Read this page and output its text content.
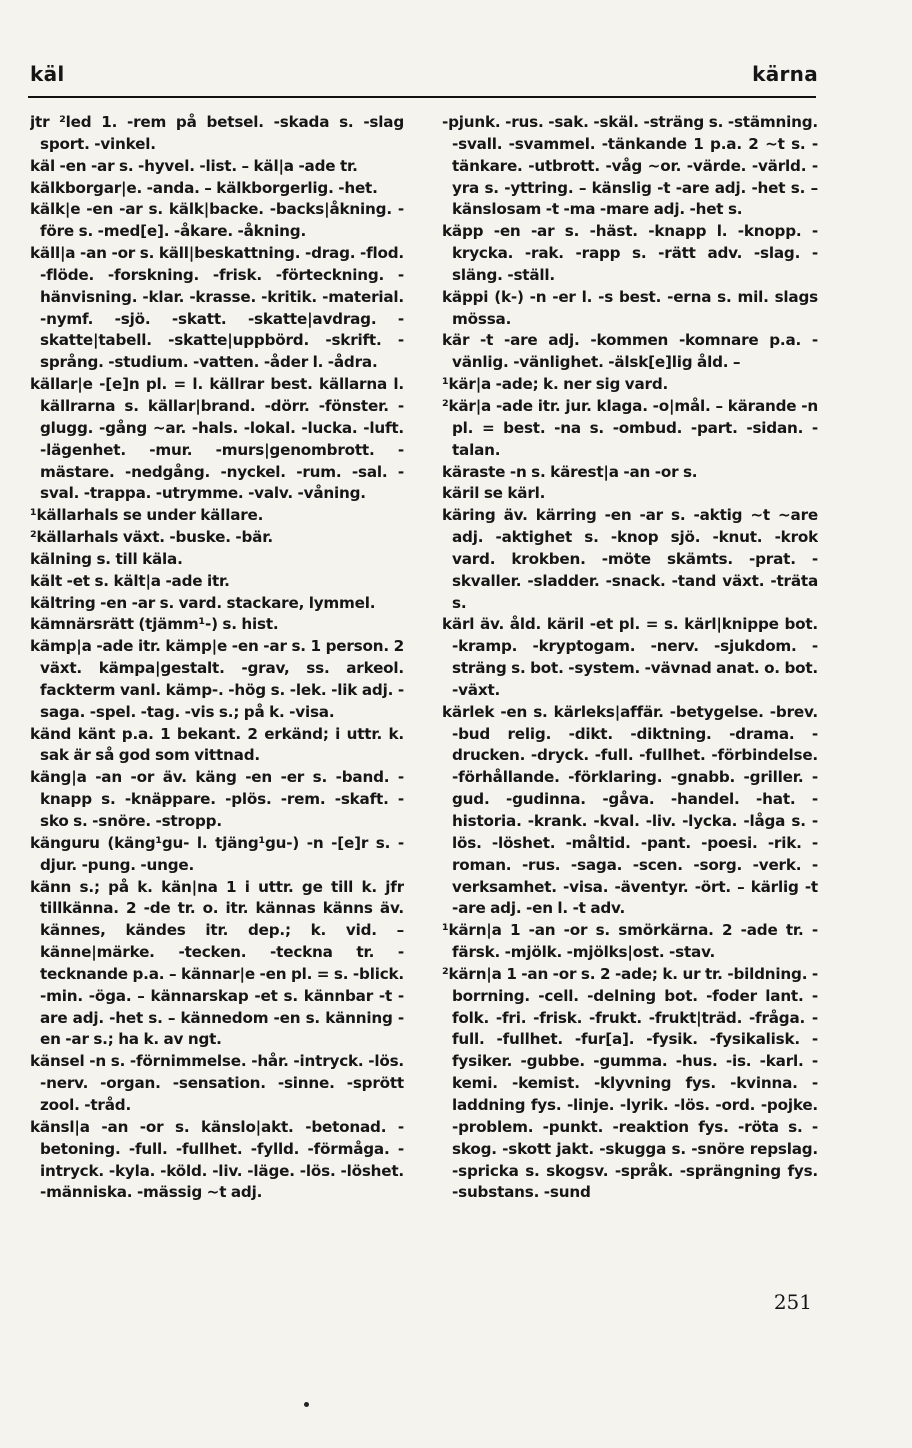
käl	kärna

jtr ²led 1. -rem på betsel. -skada s. -slag sport. -vinkel.

käl -en -ar s. -hyvel. -list. – käl|a -ade tr.

kälkborgar|e. -anda. – kälkborgerlig. -het.

kälk|e -en -ar s. kälk|backe. -backs|åkning. -före s. -med[e]. -åkare. -åkning.

käll|a -an -or s. käll|beskattning. -drag. -flod. -flöde. -forskning. -frisk. -förteckning. -hänvisning. -klar. -krasse. -kritik. -material. -nymf. -sjö. -skatt. -skatte|avdrag. -skatte|tabell. -skatte|uppbörd. -skrift. -språng. -studium. -vatten. -åder l. -ådra.

källar|e -[e]n pl. = l. källrar best. källarna l. källrarna s. källar|brand. -dörr. -fönster. -glugg. -gång ~ar. -hals. -lokal. -lucka. -luft. -lägenhet. -mur. -murs|genombrott. -mästare. -nedgång. -nyckel. -rum. -sal. -sval. -trappa. -utrymme. -valv. -våning.

¹källarhals se under källare.

²källarhals växt. -buske. -bär.

kälning s. till käla.

kält -et s. kält|a -ade itr.

kältring -en -ar s. vard. stackare, lymmel.

kämnärsrätt (tjämm¹-) s. hist.

kämp|a -ade itr. kämp|e -en -ar s. 1 person. 2 växt. kämpa|gestalt. -grav, ss. arkeol. fackterm vanl. kämp-. -hög s. -lek. -lik adj. -saga. -spel. -tag. -vis s.; på k. -visa.

känd känt p.a. 1 bekant. 2 erkänd; i uttr. k. sak är så god som vittnad.

käng|a -an -or äv. käng -en -er s. -band. -knapp s. -knäppare. -plös. -rem. -skaft. -sko s. -snöre. -stropp.

känguru (käng¹gu- l. tjäng¹gu-) -n -[e]r s. -djur. -pung. -unge.

känn s.; på k. kän|na 1 i uttr. ge till k. jfr tillkänna. 2 -de tr. o. itr. kännas känns äv. kännes, kändes itr. dep.; k. vid. – känne|märke. -tecken. -teckna tr. -tecknande p.a. – kännar|e -en pl. = s. -blick. -min. -öga. – kännarskap -et s. kännbar -t -are adj. -het s. – kännedom -en s. känning -en -ar s.; ha k. av ngt.

känsel -n s. -förnimmelse. -hår. -intryck. -lös. -nerv. -organ. -sensation. -sinne. -sprött zool. -tråd.

känsl|a -an -or s. känslo|akt. -betonad. -betoning. -full. -fullhet. -fylld. -förmåga. -intryck. -kyla. -köld. -liv. -läge. -lös. -löshet. -människa. -mässig ~t adj.

-pjunk. -rus. -sak. -skäl. -sträng s. -stämning. -svall. -svammel. -tänkande 1 p.a. 2 ~t s. -tänkare. -utbrott. -våg ~or. -värde. -värld. -yra s. -yttring. – känslig -t -are adj. -het s. – känslosam -t -ma -mare adj. -het s.

käpp -en -ar s. -häst. -knapp l. -knopp. -krycka. -rak. -rapp s. -rätt adv. -slag. -släng. -ställ.

käppi (k-) -n -er l. -s best. -erna s. mil. slags mössa.

kär -t -are adj. -kommen -komnare p.a. -vänlig. -vänlighet. -älsk[e]lig åld. –

¹kär|a -ade; k. ner sig vard.

²kär|a -ade itr. jur. klaga. -o|mål. – kärande -n pl. = best. -na s. -ombud. -part. -sidan. -talan.

käraste -n s. kärest|a -an -or s.

käril se kärl.

käring äv. kärring -en -ar s. -aktig ~t ~are adj. -aktighet s. -knop sjö. -knut. -krok vard. krokben. -möte skämts. -prat. -skvaller. -sladder. -snack. -tand växt. -träta s.

kärl äv. åld. käril -et pl. = s. kärl|knippe bot. -kramp. -kryptogam. -nerv. -sjukdom. -sträng s. bot. -system. -vävnad anat. o. bot. -växt.

kärlek -en s. kärleks|affär. -betygelse. -brev. -bud relig. -dikt. -diktning. -drama. -drucken. -dryck. -full. -fullhet. -förbindelse. -förhållande. -förklaring. -gnabb. -griller. -gud. -gudinna. -gåva. -handel. -hat. -historia. -krank. -kval. -liv. -lycka. -låga s. -lös. -löshet. -måltid. -pant. -poesi. -rik. -roman. -rus. -saga. -scen. -sorg. -verk. -verksamhet. -visa. -äventyr. -ört. – kärlig -t -are adj. -en l. -t adv.

¹kärn|a 1 -an -or s. smörkärna. 2 -ade tr. -färsk. -mjölk. -mjölks|ost. -stav.

²kärn|a 1 -an -or s. 2 -ade; k. ur tr. -bildning. -borrning. -cell. -delning bot. -foder lant. -folk. -fri. -frisk. -frukt. -frukt|träd. -fråga. -full. -fullhet. -fur[a]. -fysik. -fysikalisk. -fysiker. -gubbe. -gumma. -hus. -is. -karl. -kemi. -kemist. -klyvning fys. -kvinna. -laddning fys. -linje. -lyrik. -lös. -ord. -pojke. -problem. -punkt. -reaktion fys. -röta s. -skog. -skott jakt. -skugga s. -snöre repslag. -spricka s. skogsv. -språk. -sprängning fys. -substans. -sund

251
